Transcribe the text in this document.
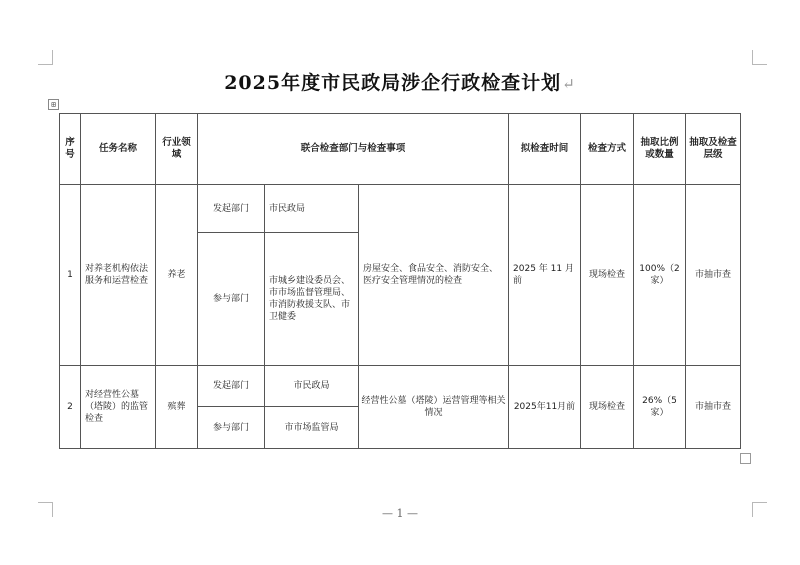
2025年度市民政局涉企行政检查计划↵
⊞
序号	任务名称	行业领域	联合检查部门与检查事项			拟检查时间	检查方式	抽取比例或数量	抽取及检查层级
1	对养老机构依法服务和运营检查	养老	发起部门	市民政局	房屋安全、食品安全、消防安全、医疗安全管理情况的检查	2025 年 11 月前	现场检查	100%（2 家）	市抽市查
			参与部门	市城乡建设委员会、市市场监督管理局、市消防救援支队、市卫健委					
2	对经营性公墓（塔陵）的监管检查	殡葬	发起部门	市民政局	经营性公墓（塔陵）运营管理等相关情况	2025年11月前	现场检查	26%（5家）	市抽市查
			参与部门	市市场监管局					
— 1 —
